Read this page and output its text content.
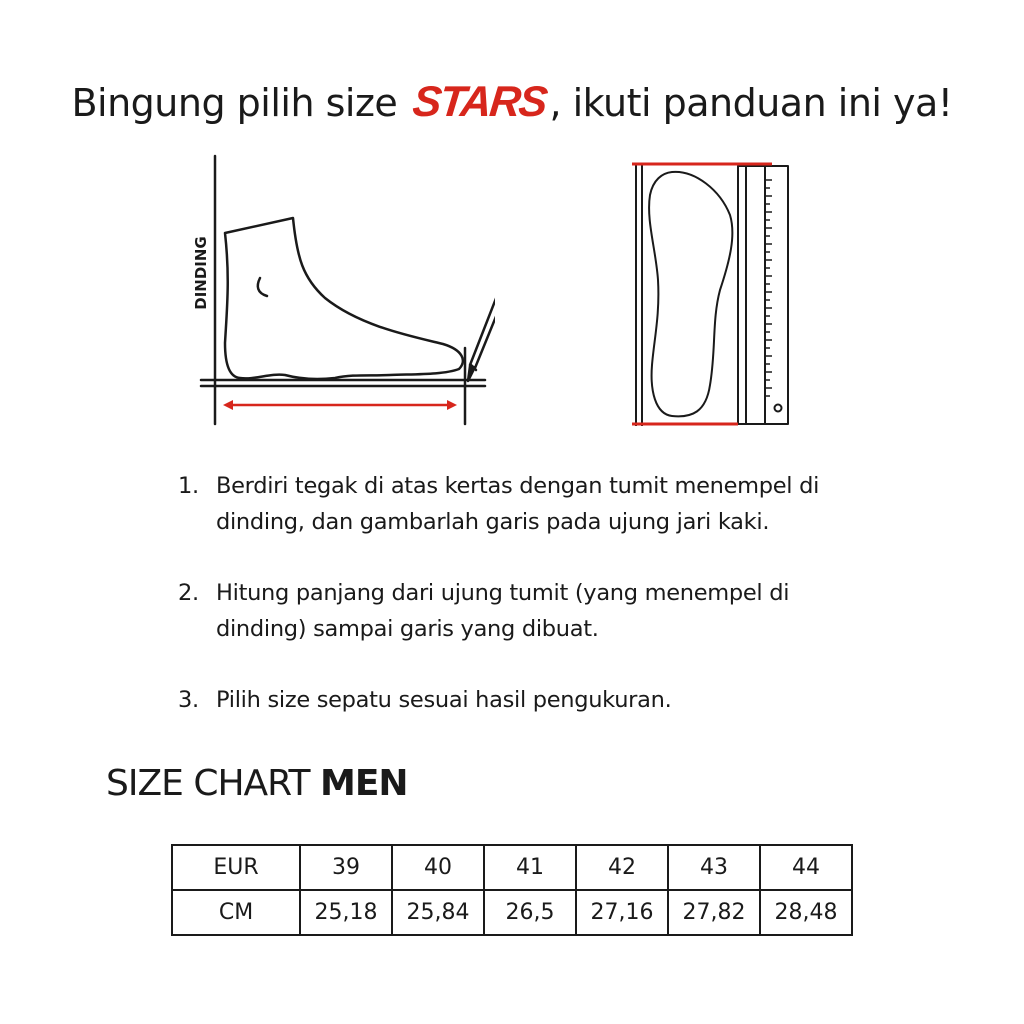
Bingung pilih size STARS, ikuti panduan ini ya!
DINDING
1. Berdiri tegak di atas kertas dengan tumit menempel di dinding, dan gambarlah garis pada ujung jari kaki.
2. Hitung panjang dari ujung tumit (yang menempel di dinding) sampai garis yang dibuat.
3. Pilih size sepatu sesuai hasil pengukuran.
SIZE CHART MEN
EUR	39	40	41	42	43	44
CM	25,18	25,84	26,5	27,16	27,82	28,48
